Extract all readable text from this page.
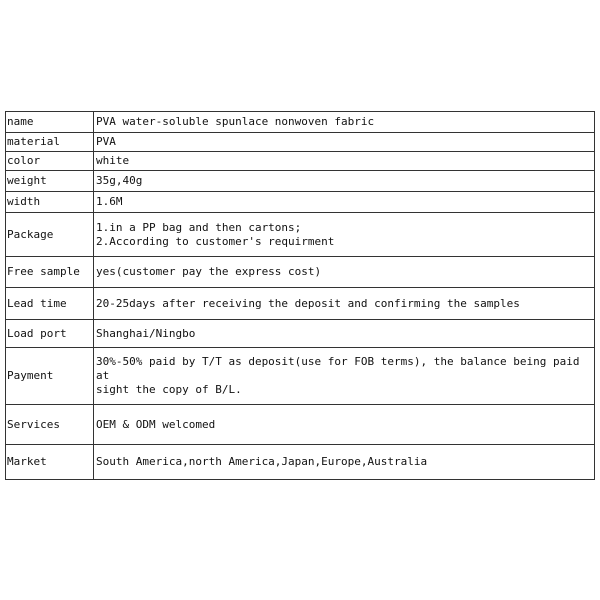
name	PVA water-soluble spunlace nonwoven fabric

material	PVA

color	white

weight	35g,40g

width	1.6M

Package	1.in a PP bag and then cartons;
2.According to customer's requirment

Free sample	yes(customer pay the express cost)

Lead time	20-25days after receiving the deposit and confirming the samples

Load port	Shanghai/Ningbo

Payment	30%-50% paid by T/T as deposit(use for FOB terms), the balance being paid at
sight the copy of B/L.

Services	OEM & ODM welcomed

Market	South America,north America,Japan,Europe,Australia
